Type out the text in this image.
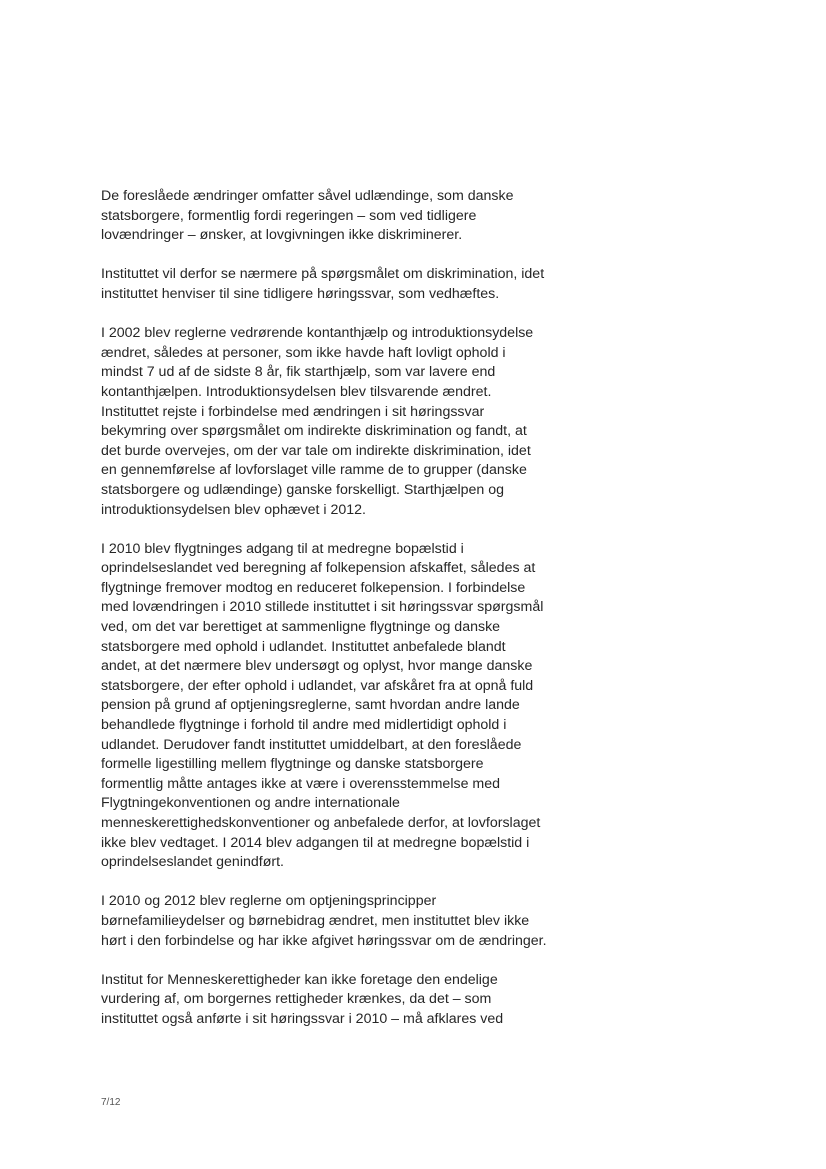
De foreslåede ændringer omfatter såvel udlændinge, som danske
statsborgere, formentlig fordi regeringen – som ved tidligere
lovændringer – ønsker, at lovgivningen ikke diskriminerer.
Instituttet vil derfor se nærmere på spørgsmålet om diskrimination, idet
instituttet henviser til sine tidligere høringssvar, som vedhæftes.
I 2002 blev reglerne vedrørende kontanthjælp og introduktionsydelse
ændret, således at personer, som ikke havde haft lovligt ophold i
mindst 7 ud af de sidste 8 år, fik starthjælp, som var lavere end
kontanthjælpen. Introduktionsydelsen blev tilsvarende ændret.
Instituttet rejste i forbindelse med ændringen i sit høringssvar
bekymring over spørgsmålet om indirekte diskrimination og fandt, at
det burde overvejes, om der var tale om indirekte diskrimination, idet
en gennemførelse af lovforslaget ville ramme de to grupper (danske
statsborgere og udlændinge) ganske forskelligt. Starthjælpen og
introduktionsydelsen blev ophævet i 2012.
I 2010 blev flygtninges adgang til at medregne bopælstid i
oprindelseslandet ved beregning af folkepension afskaffet, således at
flygtninge fremover modtog en reduceret folkepension. I forbindelse
med lovændringen i 2010 stillede instituttet i sit høringssvar spørgsmål
ved, om det var berettiget at sammenligne flygtninge og danske
statsborgere med ophold i udlandet. Instituttet anbefalede blandt
andet, at det nærmere blev undersøgt og oplyst, hvor mange danske
statsborgere, der efter ophold i udlandet, var afskåret fra at opnå fuld
pension på grund af optjeningsreglerne, samt hvordan andre lande
behandlede flygtninge i forhold til andre med midlertidigt ophold i
udlandet. Derudover fandt instituttet umiddelbart, at den foreslåede
formelle ligestilling mellem flygtninge og danske statsborgere
formentlig måtte antages ikke at være i overensstemmelse med
Flygtningekonventionen og andre internationale
menneskerettighedskonventioner og anbefalede derfor, at lovforslaget
ikke blev vedtaget. I 2014 blev adgangen til at medregne bopælstid i
oprindelseslandet genindført.
I 2010 og 2012 blev reglerne om optjeningsprincipper
børnefamilieydelser og børnebidrag ændret, men instituttet blev ikke
hørt i den forbindelse og har ikke afgivet høringssvar om de ændringer.
Institut for Menneskerettigheder kan ikke foretage den endelige
vurdering af, om borgernes rettigheder krænkes, da det – som
instituttet også anførte i sit høringssvar i 2010 – må afklares ved
7/12
